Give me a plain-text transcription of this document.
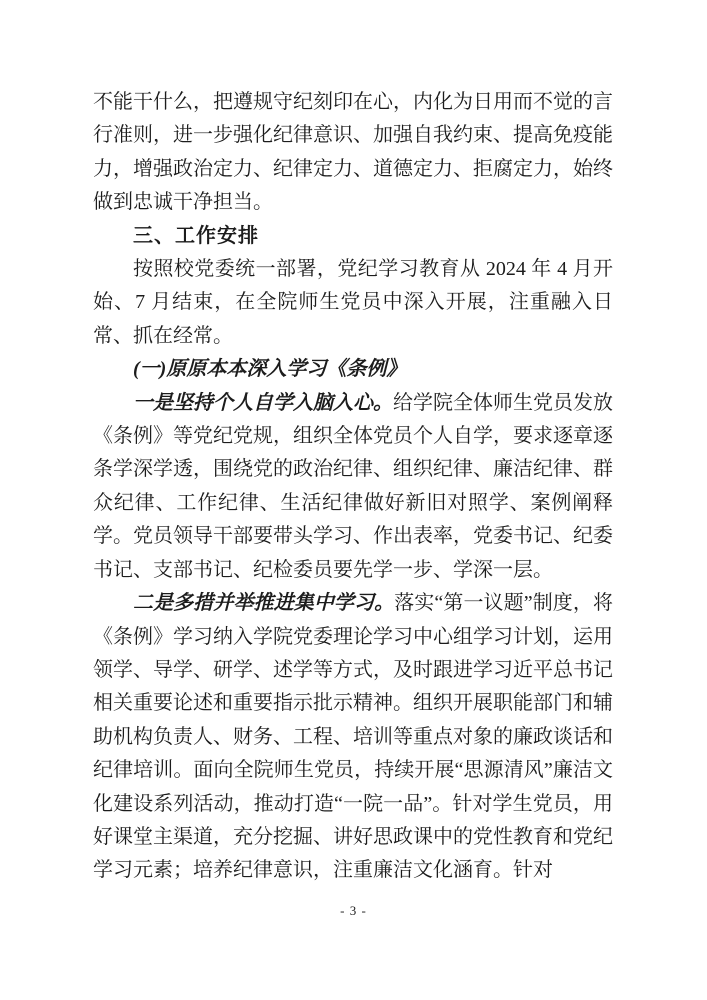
不能干什么，把遵规守纪刻印在心，内化为日用而不觉的言行准则，进一步强化纪律意识、加强自我约束、提高免疫能力，增强政治定力、纪律定力、道德定力、拒腐定力，始终做到忠诚干净担当。

三、工作安排

按照校党委统一部署，党纪学习教育从 2024 年 4 月开始、7 月结束，在全院师生党员中深入开展，注重融入日常、抓在经常。

(一)原原本本深入学习《条例》

一是坚持个人自学入脑入心。给学院全体师生党员发放《条例》等党纪党规，组织全体党员个人自学，要求逐章逐条学深学透，围绕党的政治纪律、组织纪律、廉洁纪律、群众纪律、工作纪律、生活纪律做好新旧对照学、案例阐释学。党员领导干部要带头学习、作出表率，党委书记、纪委书记、支部书记、纪检委员要先学一步、学深一层。

二是多措并举推进集中学习。落实“第一议题”制度，将《条例》学习纳入学院党委理论学习中心组学习计划，运用领学、导学、研学、述学等方式，及时跟进学习近平总书记相关重要论述和重要指示批示精神。组织开展职能部门和辅助机构负责人、财务、工程、培训等重点对象的廉政谈话和纪律培训。面向全院师生党员，持续开展“思源清风”廉洁文化建设系列活动，推动打造“一院一品”。针对学生党员，用好课堂主渠道，充分挖掘、讲好思政课中的党性教育和党纪学习元素；培养纪律意识，注重廉洁文化涵育。针对

- 3 -
